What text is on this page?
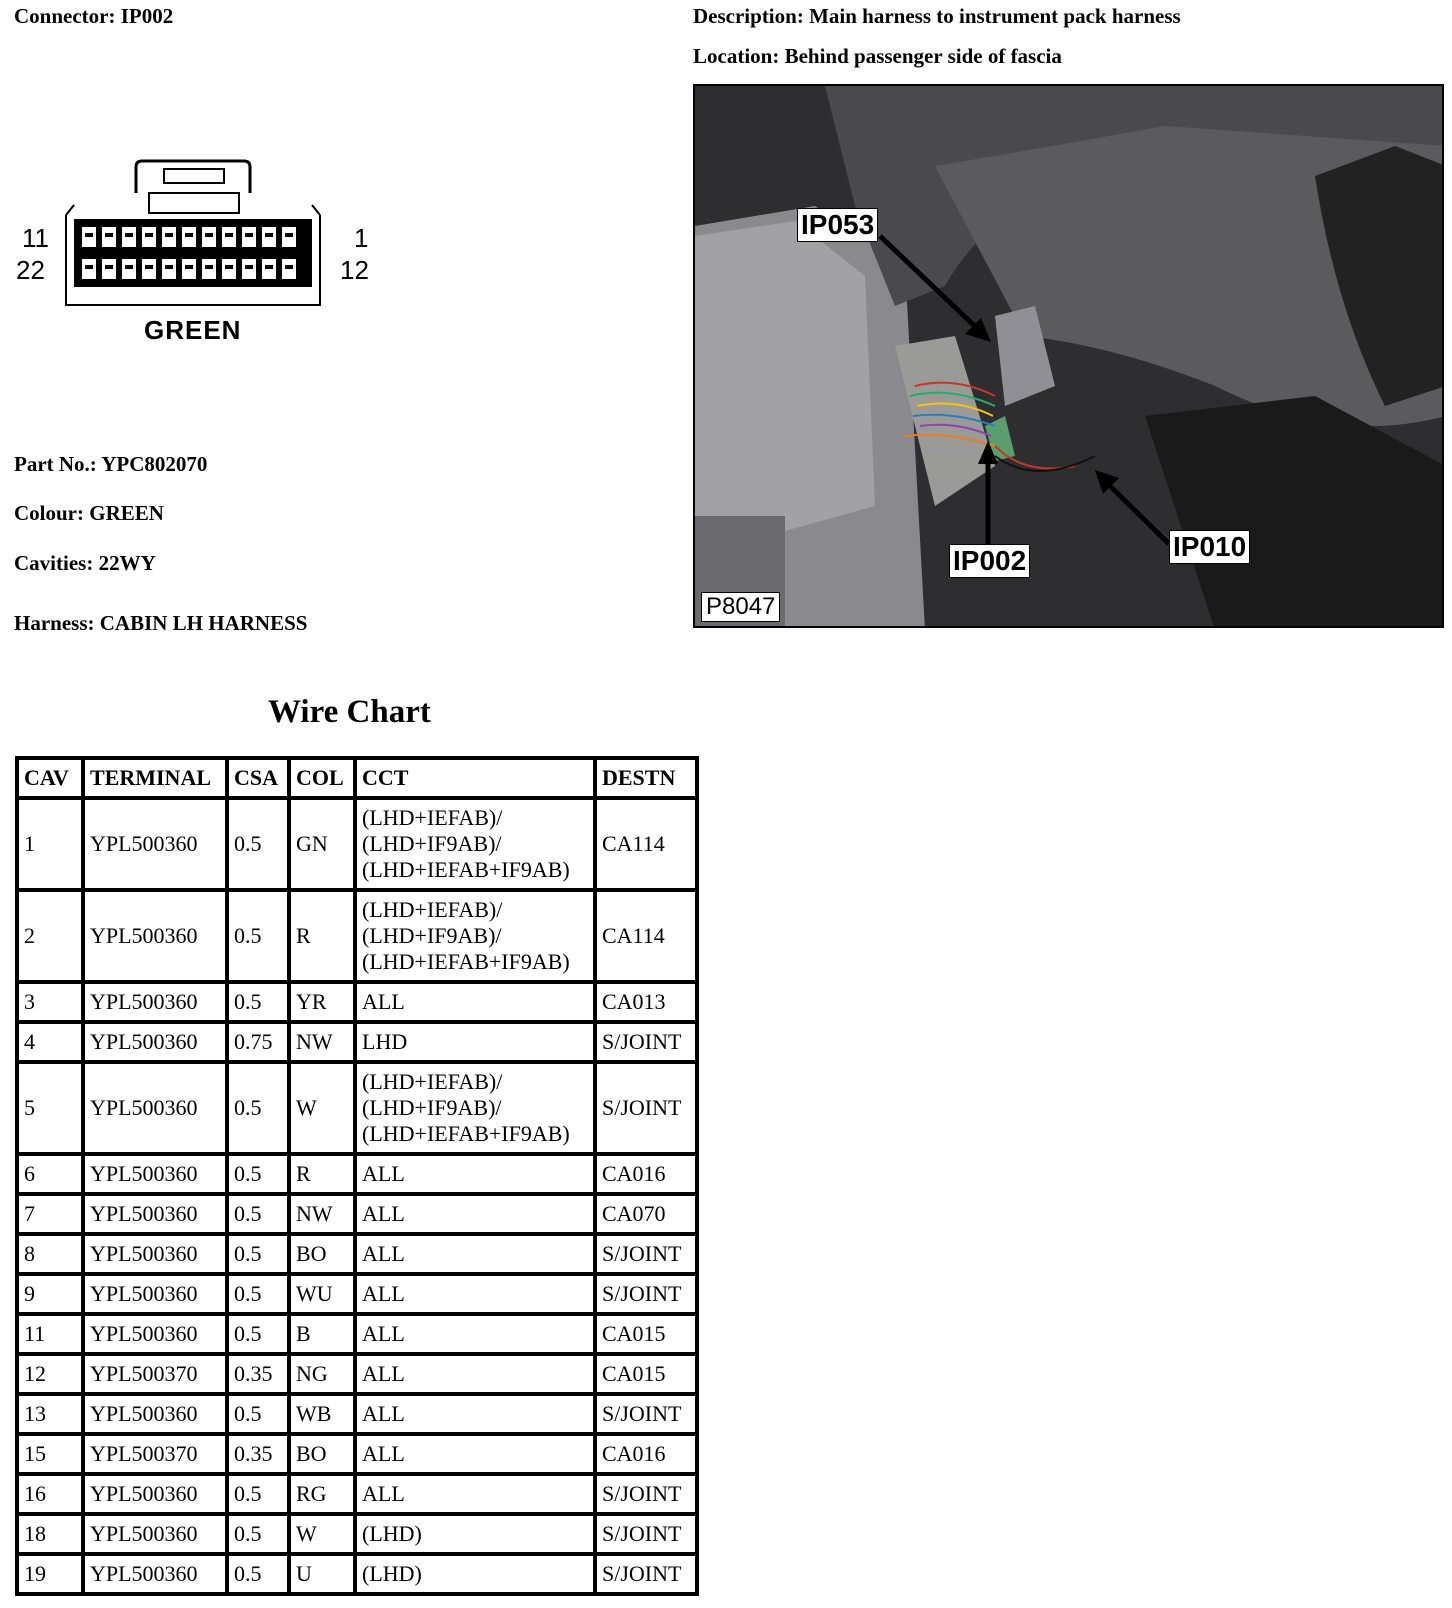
Connector: IP002	Description: Main harness to instrument pack harness
Location: Behind passenger side of fascia
11
22
1
12
GREEN
IP053
IP002	IP010
P8047
Part No.: YPC802070
Colour: GREEN
Cavities: 22WY
Harness: CABIN LH HARNESS
Wire Chart
CAV	TERMINAL	CSA	COL	CCT	DESTN
1	YPL500360	0.5	GN	(LHD+IEFAB)/
(LHD+IF9AB)/
(LHD+IEFAB+IF9AB)	CA114
2	YPL500360	0.5	R	(LHD+IEFAB)/
(LHD+IF9AB)/
(LHD+IEFAB+IF9AB)	CA114
3	YPL500360	0.5	YR	ALL	CA013
4	YPL500360	0.75	NW	LHD	S/JOINT
5	YPL500360	0.5	W	(LHD+IEFAB)/
(LHD+IF9AB)/
(LHD+IEFAB+IF9AB)	S/JOINT
6	YPL500360	0.5	R	ALL	CA016
7	YPL500360	0.5	NW	ALL	CA070
8	YPL500360	0.5	BO	ALL	S/JOINT
9	YPL500360	0.5	WU	ALL	S/JOINT
11	YPL500360	0.5	B	ALL	CA015
12	YPL500370	0.35	NG	ALL	CA015
13	YPL500360	0.5	WB	ALL	S/JOINT
15	YPL500370	0.35	BO	ALL	CA016
16	YPL500360	0.5	RG	ALL	S/JOINT
18	YPL500360	0.5	W	(LHD)	S/JOINT
19	YPL500360	0.5	U	(LHD)	S/JOINT
